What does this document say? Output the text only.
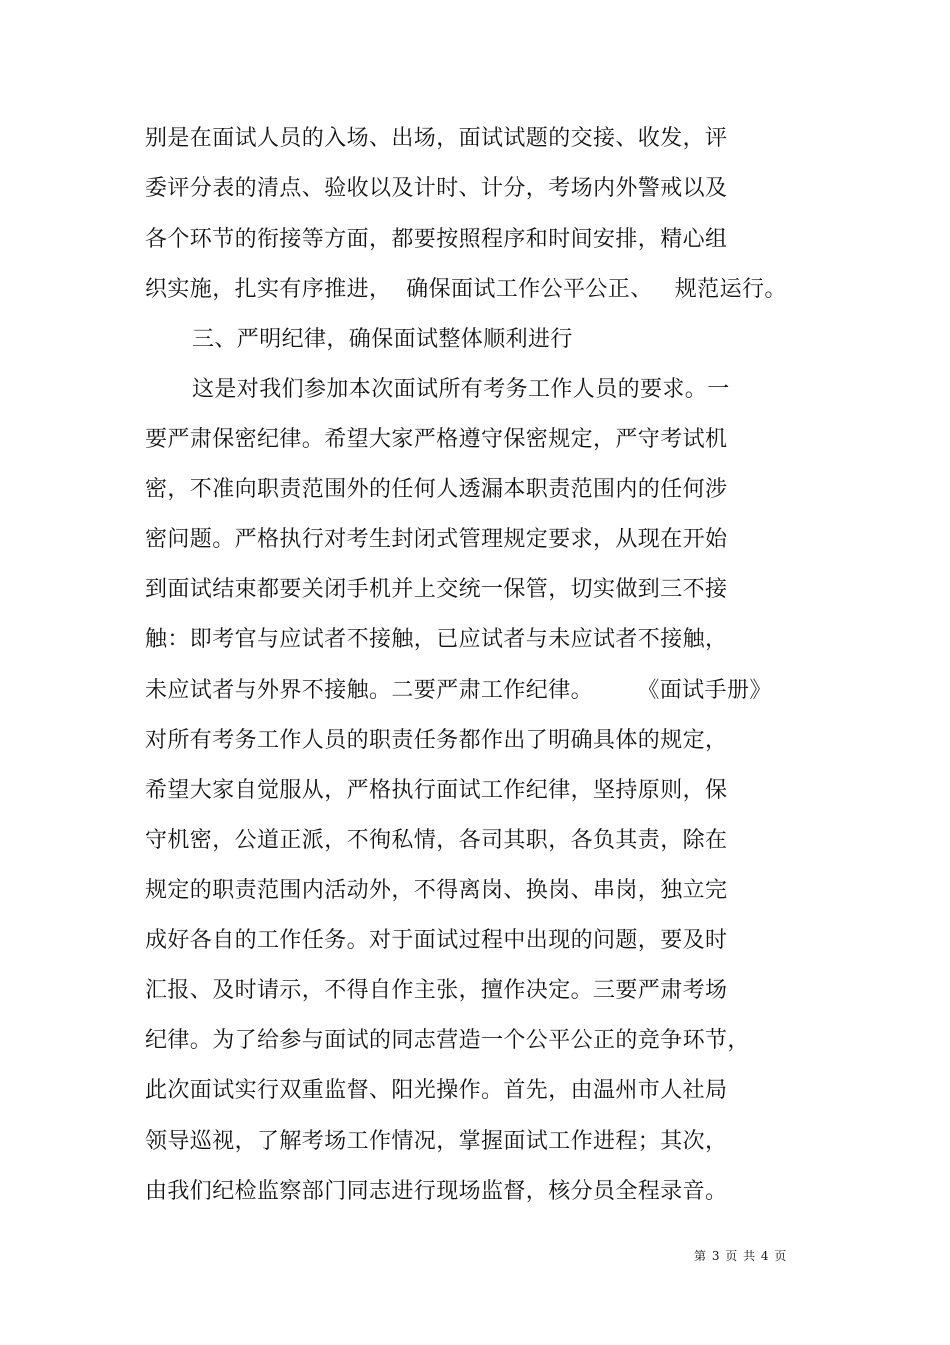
别是在面试人员的入场、出场，面试试题的交接、收发，评
委评分表的清点、验收以及计时、计分，考场内外警戒以及
各个环节的衔接等方面，都要按照程序和时间安排，精心组
织实施，扎实有序推进，  确保面试工作公平公正、   规范运行。
三、严明纪律，确保面试整体顺利进行
这是对我们参加本次面试所有考务工作人员的要求。一
要严肃保密纪律。希望大家严格遵守保密规定，严守考试机
密，不准向职责范围外的任何人透漏本职责范围内的任何涉
密问题。严格执行对考生封闭式管理规定要求，从现在开始
到面试结束都要关闭手机并上交统一保管，切实做到三不接
触：即考官与应试者不接触，已应试者与未应试者不接触，
未应试者与外界不接触。二要严肃工作纪律。      《面试手册》
对所有考务工作人员的职责任务都作出了明确具体的规定，
希望大家自觉服从，严格执行面试工作纪律，坚持原则，保
守机密，公道正派，不徇私情，各司其职，各负其责，除在
规定的职责范围内活动外，不得离岗、换岗、串岗，独立完
成好各自的工作任务。对于面试过程中出现的问题，要及时
汇报、及时请示，不得自作主张，擅作决定。三要严肃考场
纪律。为了给参与面试的同志营造一个公平公正的竞争环节，
此次面试实行双重监督、阳光操作。首先，由温州市人社局
领导巡视，了解考场工作情况，掌握面试工作进程；其次，
由我们纪检监察部门同志进行现场监督，核分员全程录音。
第 3 页 共 4 页
